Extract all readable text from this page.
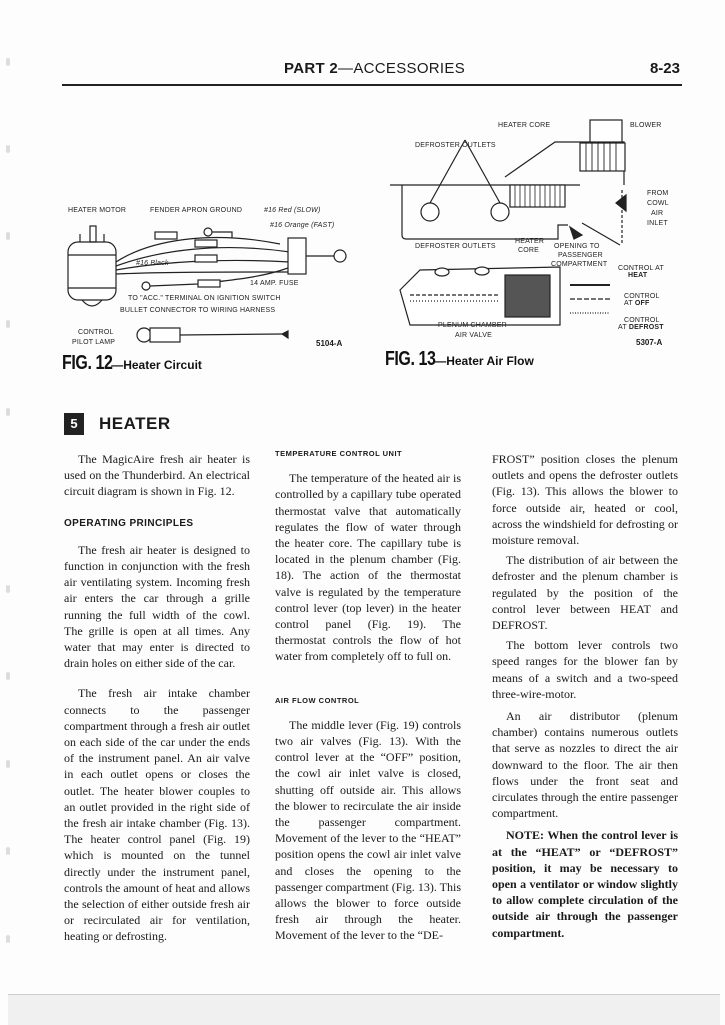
PART 2—ACCESSORIES	8-23
HEATER MOTOR	FENDER APRON GROUND	#16 Red (SLOW)
#16 Orange (FAST)
#16 Black
14 AMP. FUSE
TO "ACC." TERMINAL ON IGNITION SWITCH
BULLET CONNECTOR TO WIRING HARNESS
CONTROL
PILOT LAMP	5104-A
FIG. 12—Heater Circuit
HEATER CORE	BLOWER
DEFROSTER OUTLETS
FROM
COWL
AIR
INLET
DEFROSTER OUTLETS
HEATER
CORE
OPENING TO
PASSENGER
COMPARTMENT
PLENUM CHAMBER
AIR VALVE
CONTROL AT
HEAT
CONTROL
AT OFF
CONTROL
AT DEFROST
5307-A
FIG. 13—Heater Air Flow
5 HEATER

The MagicAire fresh air heater is used on the Thunderbird. An electrical circuit diagram is shown in Fig. 12.

OPERATING PRINCIPLES

The fresh air heater is designed to function in conjunction with the fresh air ventilating system. Incoming fresh air enters the car through a grille running the full width of the cowl. The grille is open at all times. Any water that may enter is directed to drain holes on either side of the car.

The fresh air intake chamber connects to the passenger compartment through a fresh air outlet on each side of the car under the ends of the instrument panel. An air valve in each outlet opens or closes the outlet. The heater blower couples to an outlet provided in the right side of the fresh air intake chamber (Fig. 13). The heater control panel (Fig. 19) which is mounted on the tunnel directly under the instrument panel, controls the amount of heat and allows the selection of either outside fresh air or recirculated air for ventilation, heating or defrosting.

TEMPERATURE CONTROL UNIT

The temperature of the heated air is controlled by a capillary tube operated thermostat valve that automatically regulates the flow of water through the heater core. The capillary tube is located in the plenum chamber (Fig. 18). The action of the thermostat valve is regulated by the temperature control lever (top lever) in the heater control panel (Fig. 19). The thermostat controls the flow of hot water from completely off to full on.

AIR FLOW CONTROL

The middle lever (Fig. 19) controls two air valves (Fig. 13). With the control lever at the “OFF” position, the cowl air inlet valve is closed, shutting off outside air. This allows the blower to recirculate the air inside the passenger compartment. Movement of the lever to the “HEAT” position opens the cowl air inlet valve and closes the opening to the passenger compartment (Fig. 13). This allows the blower to force outside fresh air through the heater. Movement of the lever to the “DE-

FROST” position closes the plenum outlets and opens the defroster outlets (Fig. 13). This allows the blower to force outside air, heated or cool, across the windshield for defrosting or moisture removal.

The distribution of air between the defroster and the plenum chamber is regulated by the position of the control lever between HEAT and DEFROST.

The bottom lever controls two speed ranges for the blower fan by means of a switch and a two-speed three-wire-motor.

An air distributor (plenum chamber) contains numerous outlets that serve as nozzles to direct the air downward to the floor. The air then flows under the front seat and circulates through the entire passenger compartment.

NOTE: When the control lever is at the “HEAT” or “DEFROST” position, it may be necessary to open a ventilator or window slightly to allow complete circulation of the outside air through the passenger compartment.
